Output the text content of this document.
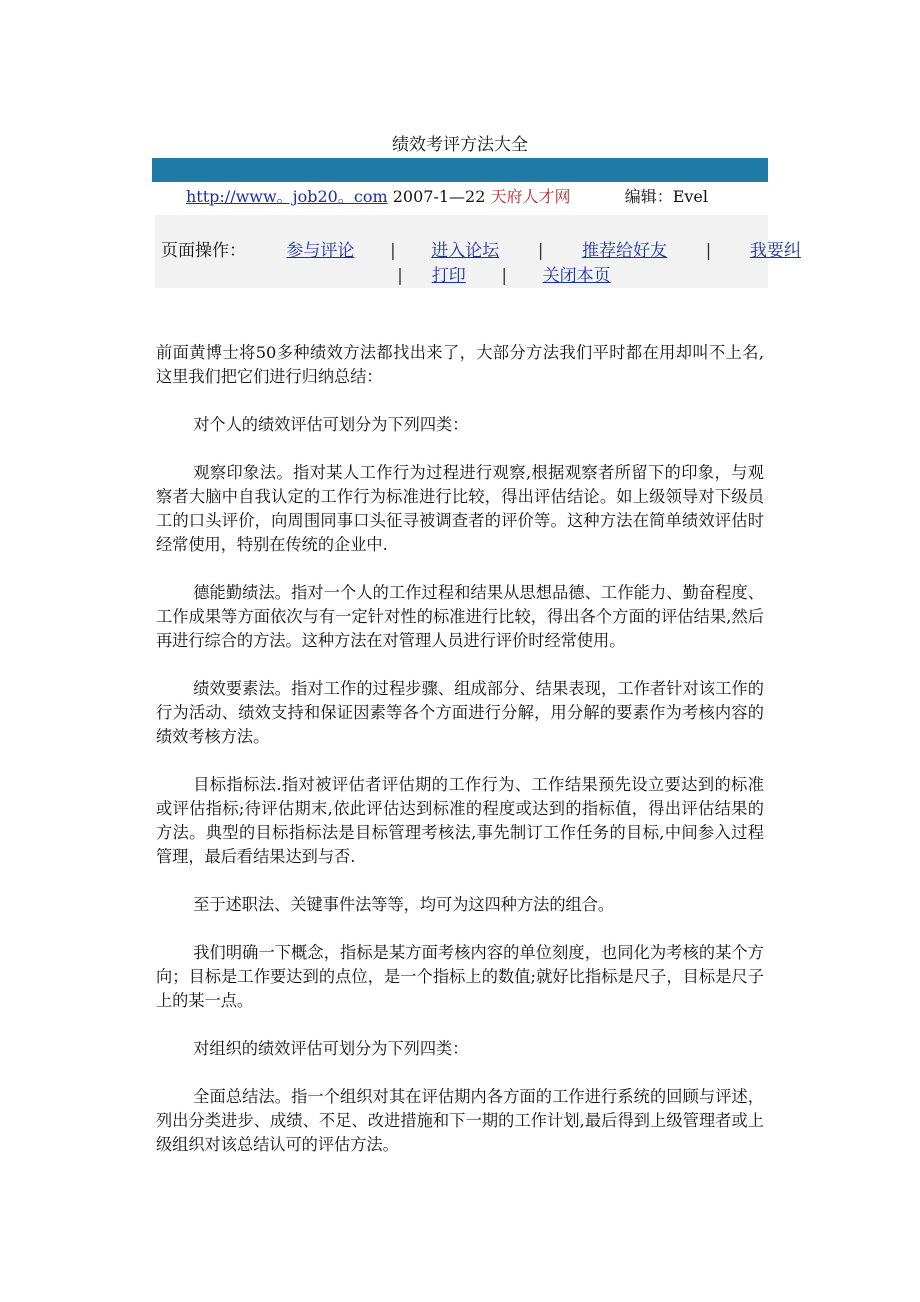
绩效考评方法大全
http://www。job20。com 2007-1—22 天府人才网	编辑：Evel
页面操作： 参与评论 | 进入论坛 | 推荐给好友 | 我要纠
| 打印 | 关闭本页

前面黄博士将50多种绩效方法都找出来了，大部分方法我们平时都在用却叫不上名,这里我们把它们进行归纳总结：

对个人的绩效评估可划分为下列四类：

观察印象法。指对某人工作行为过程进行观察,根据观察者所留下的印象，与观察者大脑中自我认定的工作行为标准进行比较，得出评估结论。如上级领导对下级员工的口头评价，向周围同事口头征寻被调查者的评价等。这种方法在简单绩效评估时经常使用，特别在传统的企业中.

德能勤绩法。指对一个人的工作过程和结果从思想品德、工作能力、勤奋程度、工作成果等方面依次与有一定针对性的标准进行比较，得出各个方面的评估结果,然后再进行综合的方法。这种方法在对管理人员进行评价时经常使用。

绩效要素法。指对工作的过程步骤、组成部分、结果表现，工作者针对该工作的行为活动、绩效支持和保证因素等各个方面进行分解，用分解的要素作为考核内容的绩效考核方法。

目标指标法.指对被评估者评估期的工作行为、工作结果预先设立要达到的标准或评估指标;待评估期末,依此评估达到标准的程度或达到的指标值，得出评估结果的方法。典型的目标指标法是目标管理考核法,事先制订工作任务的目标,中间参入过程管理，最后看结果达到与否.

至于述职法、关键事件法等等，均可为这四种方法的组合。

我们明确一下概念，指标是某方面考核内容的单位刻度，也同化为考核的某个方向；目标是工作要达到的点位，是一个指标上的数值;就好比指标是尺子，目标是尺子上的某一点。

对组织的绩效评估可划分为下列四类：

全面总结法。指一个组织对其在评估期内各方面的工作进行系统的回顾与评述，列出分类进步、成绩、不足、改进措施和下一期的工作计划,最后得到上级管理者或上级组织对该总结认可的评估方法。
